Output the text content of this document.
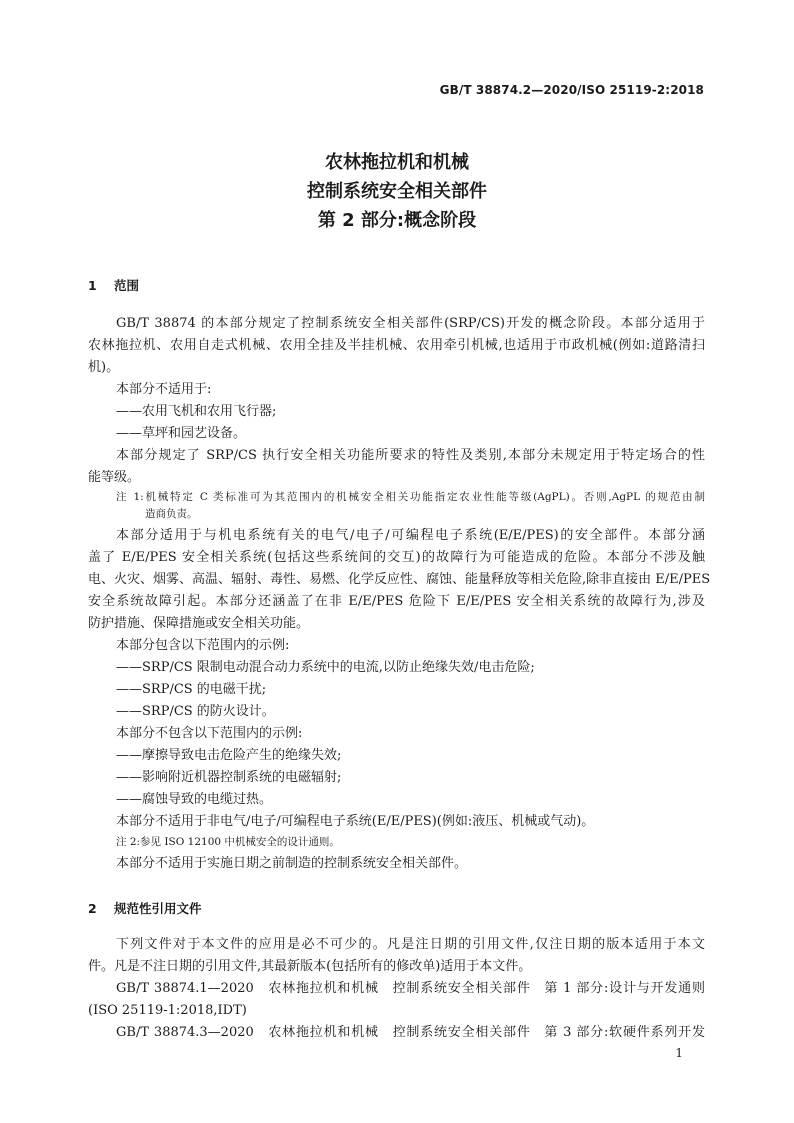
GB/T 38874.2—2020/ISO 25119-2:2018
农林拖拉机和机械
控制系统安全相关部件
第 2 部分:概念阶段
1 范围
GB/T 38874 的本部分规定了控制系统安全相关部件(SRP/CS)开发的概念阶段。本部分适用于
农林拖拉机、农用自走式机械、农用全挂及半挂机械、农用牵引机械,也适用于市政机械(例如:道路清扫
机)。
本部分不适用于:
——农用飞机和农用飞行器;
——草坪和园艺设备。
本部分规定了 SRP/CS 执行安全相关功能所要求的特性及类别,本部分未规定用于特定场合的性
能等级。
注 1:机械特定 C 类标准可为其范围内的机械安全相关功能指定农业性能等级(AgPL)。否则,AgPL 的规范由制
造商负责。
本部分适用于与机电系统有关的电气/电子/可编程电子系统(E/E/PES)的安全部件。本部分涵
盖了 E/E/PES 安全相关系统(包括这些系统间的交互)的故障行为可能造成的危险。本部分不涉及触
电、火灾、烟雾、高温、辐射、毒性、易燃、化学反应性、腐蚀、能量释放等相关危险,除非直接由 E/E/PES
安全系统故障引起。本部分还涵盖了在非 E/E/PES 危险下 E/E/PES 安全相关系统的故障行为,涉及
防护措施、保障措施或安全相关功能。
本部分包含以下范围内的示例:
——SRP/CS 限制电动混合动力系统中的电流,以防止绝缘失效/电击危险;
——SRP/CS 的电磁干扰;
——SRP/CS 的防火设计。
本部分不包含以下范围内的示例:
——摩擦导致电击危险产生的绝缘失效;
——影响附近机器控制系统的电磁辐射;
——腐蚀导致的电缆过热。
本部分不适用于非电气/电子/可编程电子系统(E/E/PES)(例如:液压、机械或气动)。
注 2:参见 ISO 12100 中机械安全的设计通则。
本部分不适用于实施日期之前制造的控制系统安全相关部件。
2 规范性引用文件
下列文件对于本文件的应用是必不可少的。凡是注日期的引用文件,仅注日期的版本适用于本文
件。凡是不注日期的引用文件,其最新版本(包括所有的修改单)适用于本文件。
GB/T 38874.1—2020　农林拖拉机和机械　控制系统安全相关部件　第 1 部分:设计与开发通则
(ISO 25119-1:2018,IDT)
GB/T 38874.3—2020　农林拖拉机和机械　控制系统安全相关部件　第 3 部分:软硬件系列开发
1
